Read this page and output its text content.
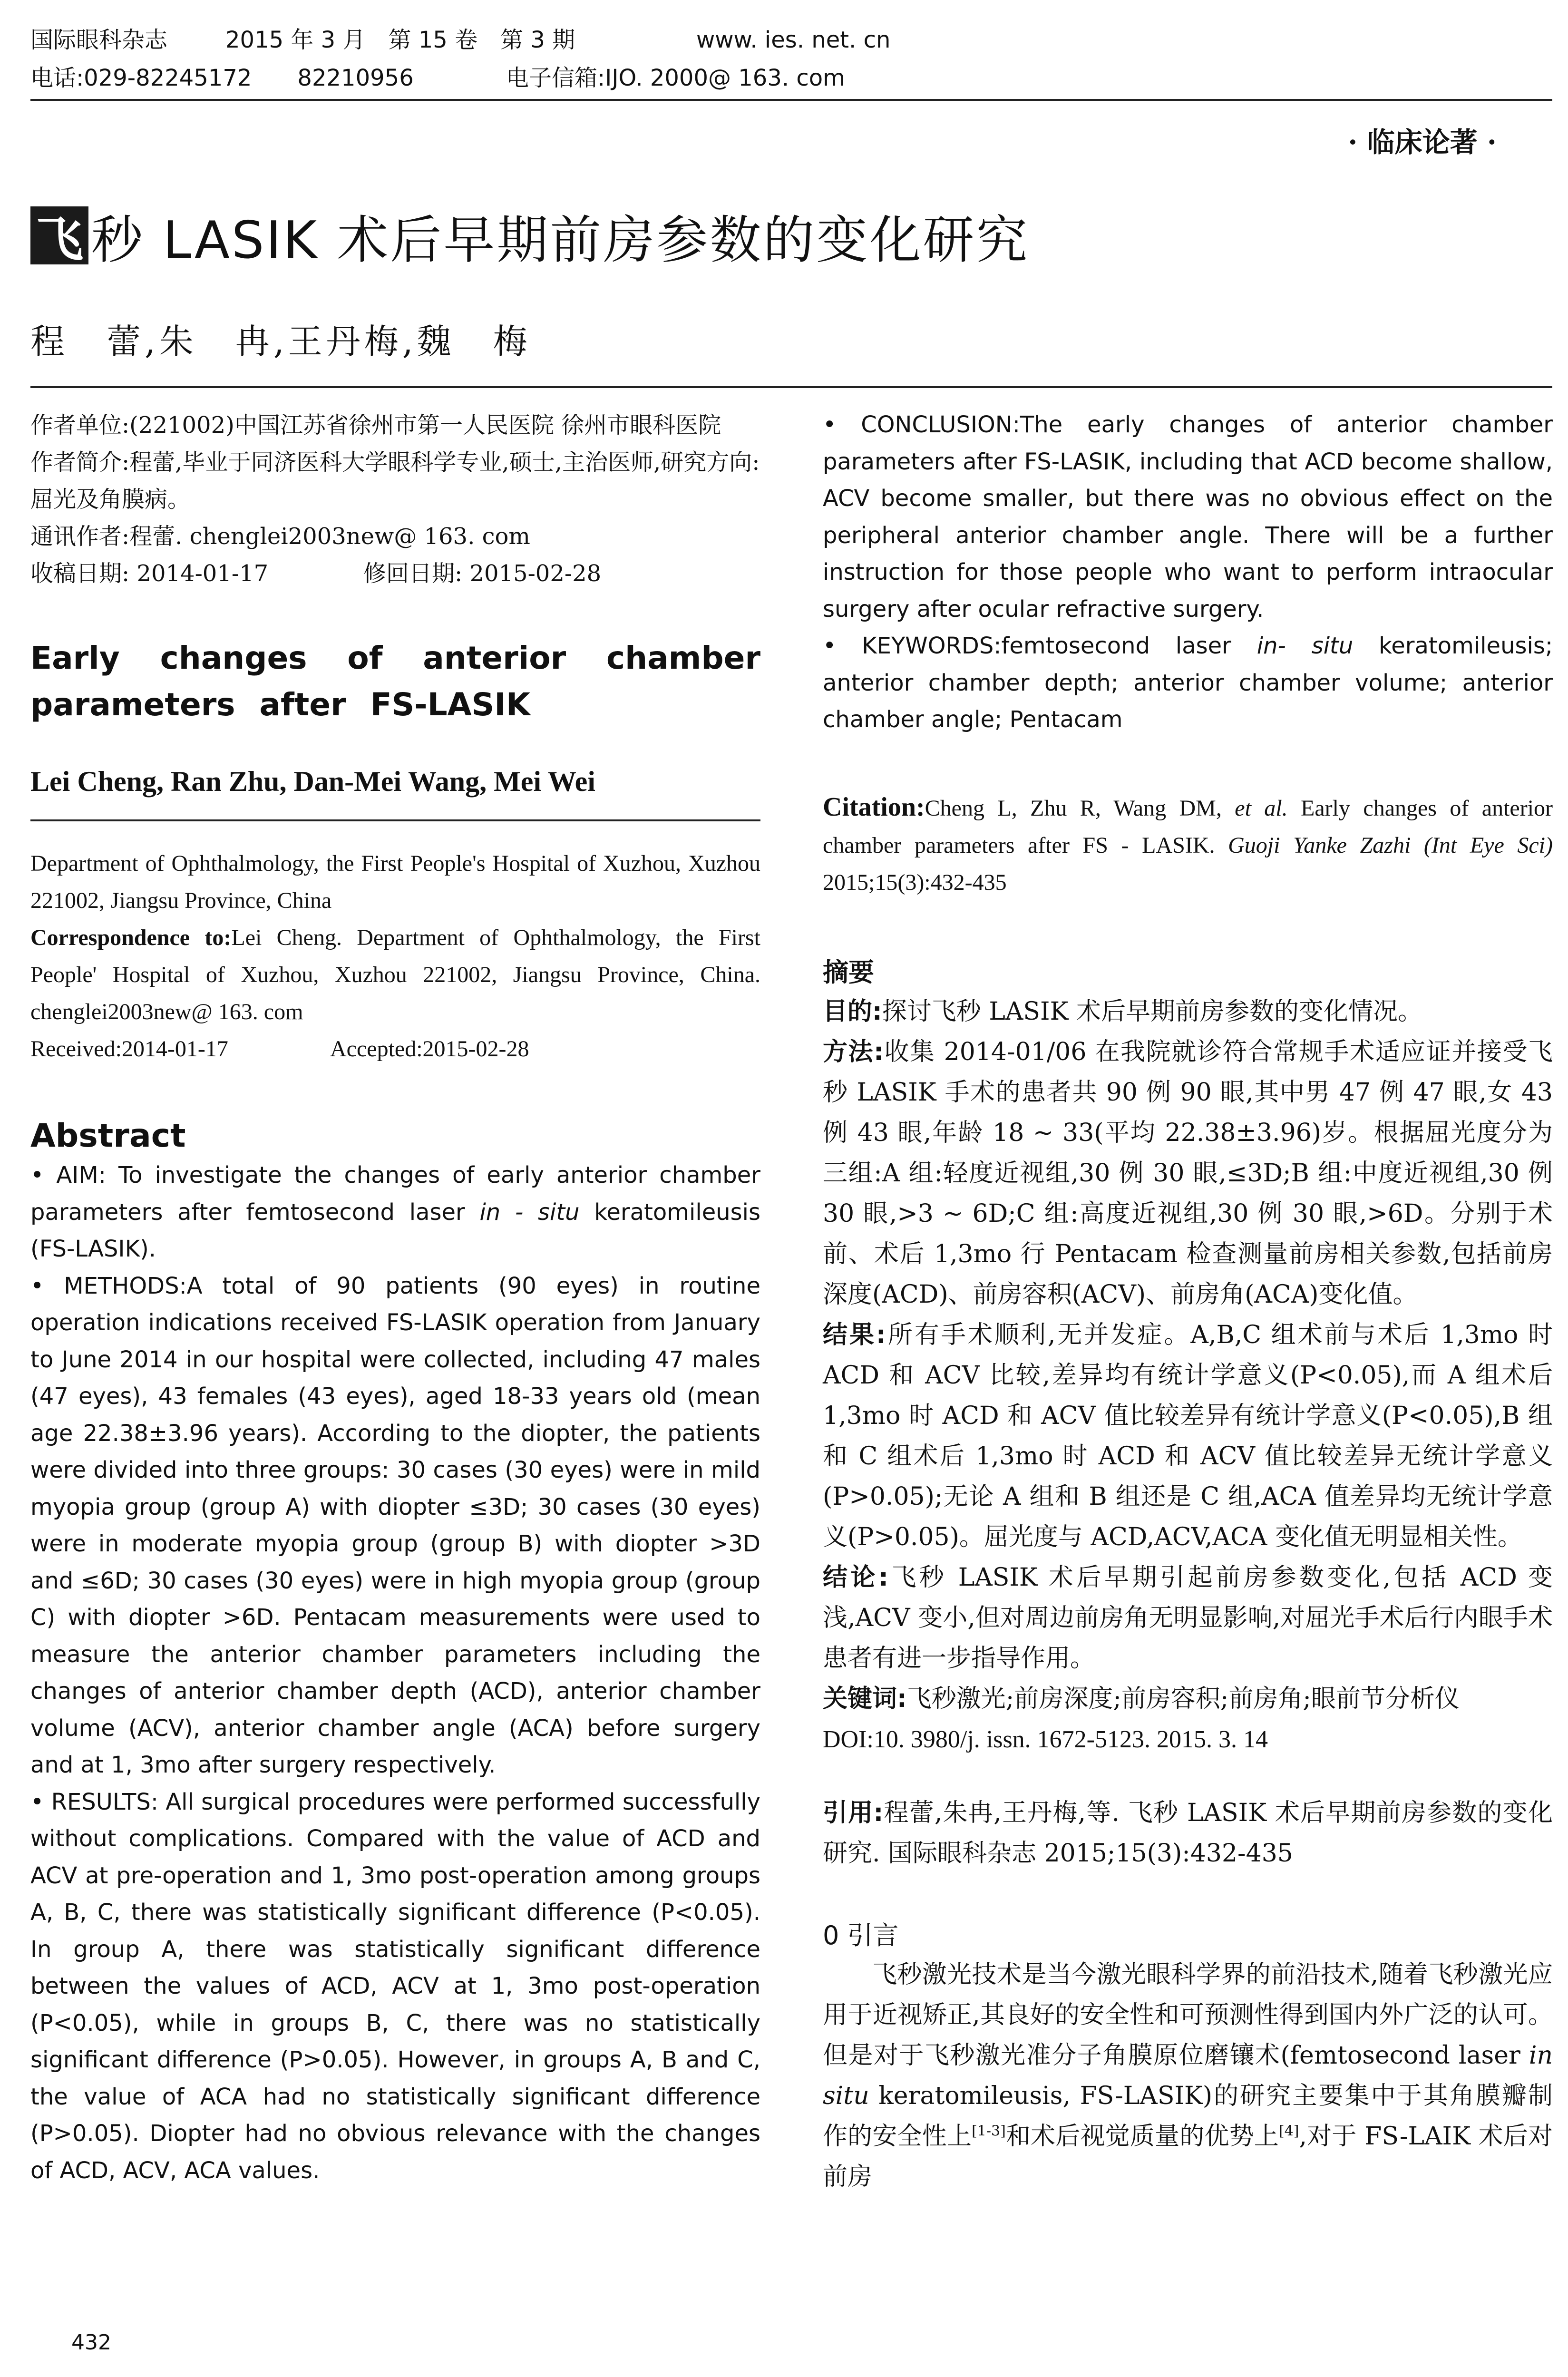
国际眼科杂志	2015 年 3 月　第 15 卷　第 3 期	www. ies. net. cn
电话:029-82245172　　82210956	电子信箱:IJO. 2000@ 163. com
· 临床论著 ·
飞 秒 LASIK 术后早期前房参数的变化研究
程　蕾,朱　冉,王丹梅,魏　梅

作者单位:(221002)中国江苏省徐州市第一人民医院 徐州市眼科医院

作者简介:程蕾,毕业于同济医科大学眼科学专业,硕士,主治医师,研究方向:屈光及角膜病。

通讯作者:程蕾. chenglei2003new@ 163. com

收稿日期: 2014-01-17	修回日期: 2015-02-28

Early changes of anterior chamber parameters after FS-LASIK

Lei Cheng, Ran Zhu, Dan-Mei Wang, Mei Wei

Department of Ophthalmology, the First People's Hospital of Xuzhou, Xuzhou 221002, Jiangsu Province, China

Correspondence to:Lei Cheng. Department of Ophthalmology, the First People' Hospital of Xuzhou, Xuzhou 221002, Jiangsu Province, China. chenglei2003new@ 163. com

Received:2014-01-17	Accepted:2015-02-28

Abstract

• AIM: To investigate the changes of early anterior chamber parameters after femtosecond laser in - situ keratomileusis (FS-LASIK).

• METHODS:A total of 90 patients (90 eyes) in routine operation indications received FS-LASIK operation from January to June 2014 in our hospital were collected, including 47 males (47 eyes), 43 females (43 eyes), aged 18-33 years old (mean age 22.38±3.96 years). According to the diopter, the patients were divided into three groups: 30 cases (30 eyes) were in mild myopia group (group A) with diopter ≤3D; 30 cases (30 eyes) were in moderate myopia group (group B) with diopter >3D and ≤6D; 30 cases (30 eyes) were in high myopia group (group C) with diopter >6D. Pentacam measurements were used to measure the anterior chamber parameters including the changes of anterior chamber depth (ACD), anterior chamber volume (ACV), anterior chamber angle (ACA) before surgery and at 1, 3mo after surgery respectively.

• RESULTS: All surgical procedures were performed successfully without complications. Compared with the value of ACD and ACV at pre-operation and 1, 3mo post-operation among groups A, B, C, there was statistically significant difference (P<0.05). In group A, there was statistically significant difference between the values of ACD, ACV at 1, 3mo post-operation (P<0.05), while in groups B, C, there was no statistically significant difference (P>0.05). However, in groups A, B and C, the value of ACA had no statistically significant difference (P>0.05). Diopter had no obvious relevance with the changes of ACD, ACV, ACA values.

432

• CONCLUSION:The early changes of anterior chamber parameters after FS-LASIK, including that ACD become shallow, ACV become smaller, but there was no obvious effect on the peripheral anterior chamber angle. There will be a further instruction for those people who want to perform intraocular surgery after ocular refractive surgery.

• KEYWORDS:femtosecond laser in- situ keratomileusis; anterior chamber depth; anterior chamber volume; anterior chamber angle; Pentacam

Citation:Cheng L, Zhu R, Wang DM, et al. Early changes of anterior chamber parameters after FS - LASIK. Guoji Yanke Zazhi (Int Eye Sci) 2015;15(3):432-435

摘要

目的:探讨飞秒 LASIK 术后早期前房参数的变化情况。

方法:收集 2014-01/06 在我院就诊符合常规手术适应证并接受飞秒 LASIK 手术的患者共 90 例 90 眼,其中男 47 例 47 眼,女 43 例 43 眼,年龄 18 ~ 33(平均 22.38±3.96)岁。根据屈光度分为三组:A 组:轻度近视组,30 例 30 眼,≤3D;B 组:中度近视组,30 例 30 眼,>3 ~ 6D;C 组:高度近视组,30 例 30 眼,>6D。分别于术前、术后 1,3mo 行 Pentacam 检查测量前房相关参数,包括前房深度(ACD)、前房容积(ACV)、前房角(ACA)变化值。

结果:所有手术顺利,无并发症。A,B,C 组术前与术后 1,3mo 时 ACD 和 ACV 比较,差异均有统计学意义(P<0.05),而 A 组术后 1,3mo 时 ACD 和 ACV 值比较差异有统计学意义(P<0.05),B 组和 C 组术后 1,3mo 时 ACD 和 ACV 值比较差异无统计学意义(P>0.05);无论 A 组和 B 组还是 C 组,ACA 值差异均无统计学意义(P>0.05)。屈光度与 ACD,ACV,ACA 变化值无明显相关性。

结论:飞秒 LASIK 术后早期引起前房参数变化,包括 ACD 变浅,ACV 变小,但对周边前房角无明显影响,对屈光手术后行内眼手术患者有进一步指导作用。

关键词:飞秒激光;前房深度;前房容积;前房角;眼前节分析仪

DOI:10. 3980/j. issn. 1672-5123. 2015. 3. 14

引用:程蕾,朱冉,王丹梅,等. 飞秒 LASIK 术后早期前房参数的变化研究. 国际眼科杂志 2015;15(3):432-435

0 引言

飞秒激光技术是当今激光眼科学界的前沿技术,随着飞秒激光应用于近视矫正,其良好的安全性和可预测性得到国内外广泛的认可。但是对于飞秒激光准分子角膜原位磨镶术(femtosecond laser in situ keratomileusis, FS-LASIK)的研究主要集中于其角膜瓣制作的安全性上[1-3]和术后视觉质量的优势上[4],对于 FS-LAIK 术后对前房
